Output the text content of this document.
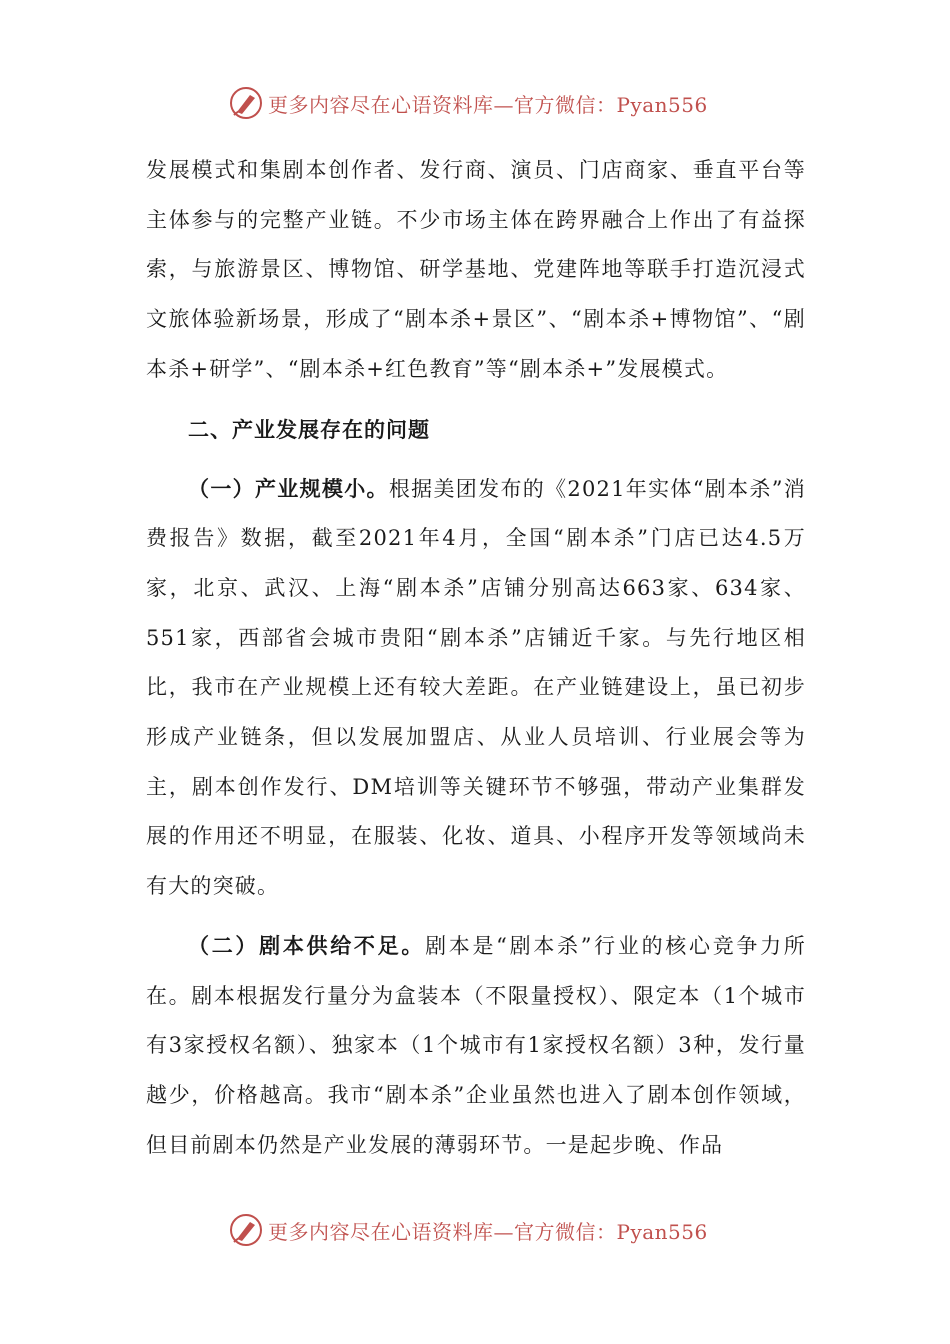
更多内容尽在心语资料库—官方微信：Pyan556

发展模式和集剧本创作者、发行商、演员、门店商家、垂直平台等主体参与的完整产业链。不少市场主体在跨界融合上作出了有益探索，与旅游景区、博物馆、研学基地、党建阵地等联手打造沉浸式文旅体验新场景，形成了“剧本杀+景区”、“剧本杀+博物馆”、“剧本杀+研学”、“剧本杀+红色教育”等“剧本杀+”发展模式。

二、产业发展存在的问题

（一）产业规模小。根据美团发布的《2021年实体“剧本杀”消费报告》数据，截至2021年4月，全国“剧本杀”门店已达4.5万家，北京、武汉、上海“剧本杀”店铺分别高达663家、634家、551家，西部省会城市贵阳“剧本杀”店铺近千家。与先行地区相比，我市在产业规模上还有较大差距。在产业链建设上，虽已初步形成产业链条，但以发展加盟店、从业人员培训、行业展会等为主，剧本创作发行、DM培训等关键环节不够强，带动产业集群发展的作用还不明显，在服装、化妆、道具、小程序开发等领域尚未有大的突破。

（二）剧本供给不足。剧本是“剧本杀”行业的核心竞争力所在。剧本根据发行量分为盒装本（不限量授权）、限定本（1个城市有3家授权名额）、独家本（1个城市有1家授权名额）3种，发行量越少，价格越高。我市“剧本杀”企业虽然也进入了剧本创作领域，但目前剧本仍然是产业发展的薄弱环节。一是起步晚、作品

更多内容尽在心语资料库—官方微信：Pyan556
